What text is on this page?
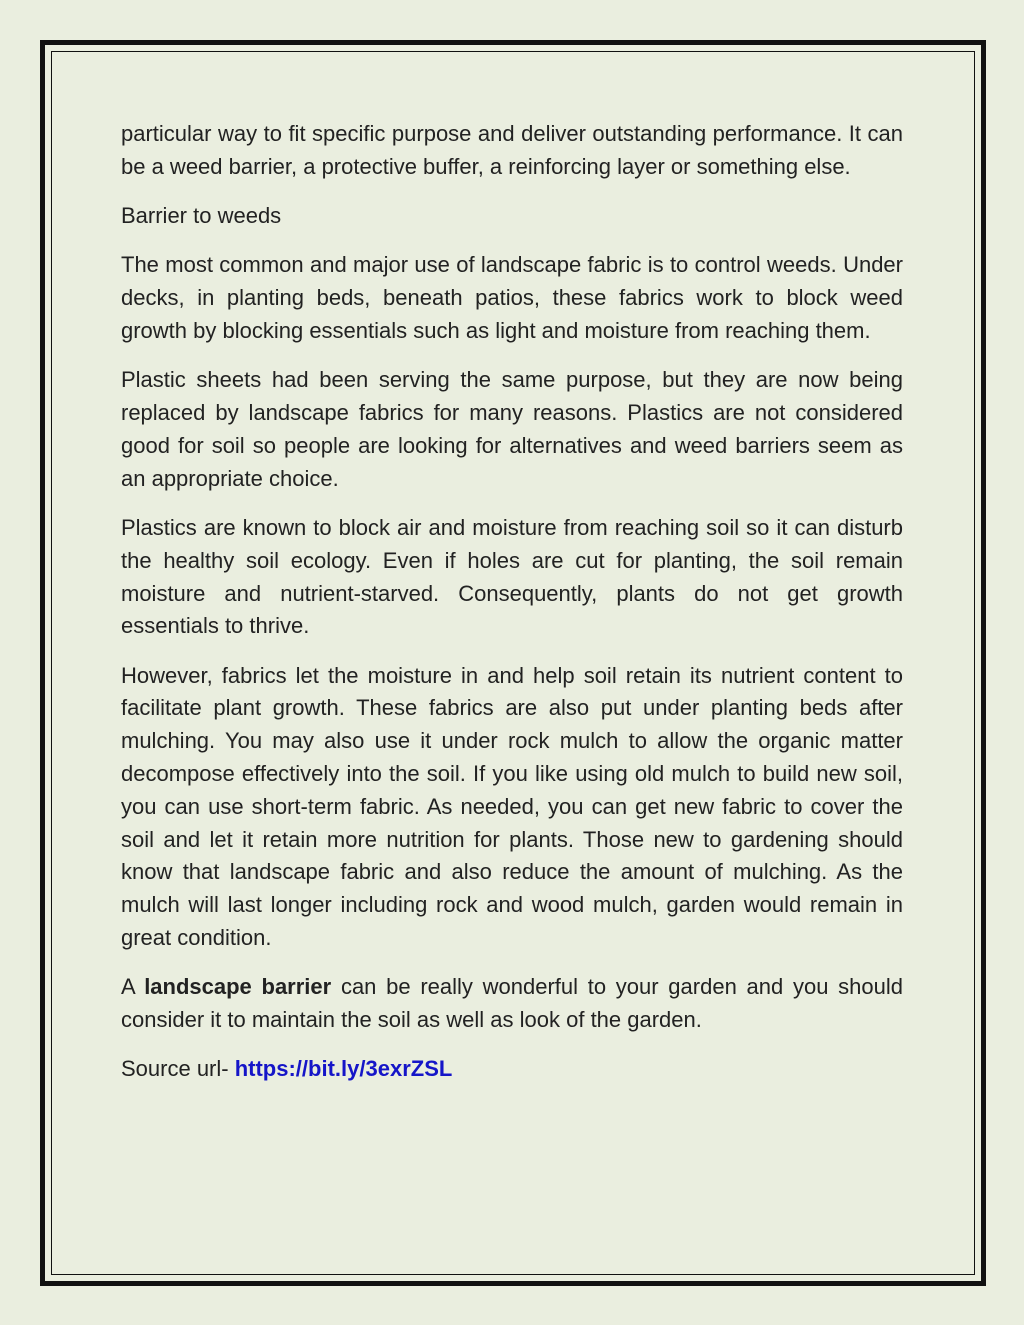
particular way to fit specific purpose and deliver outstanding performance. It can be a weed barrier, a protective buffer, a reinforcing layer or something else.

Barrier to weeds

The most common and major use of landscape fabric is to control weeds. Under decks, in planting beds, beneath patios, these fabrics work to block weed growth by blocking essentials such as light and moisture from reaching them.

Plastic sheets had been serving the same purpose, but they are now being replaced by landscape fabrics for many reasons. Plastics are not considered good for soil so people are looking for alternatives and weed barriers seem as an appropriate choice.

Plastics are known to block air and moisture from reaching soil so it can disturb the healthy soil ecology. Even if holes are cut for planting, the soil remain moisture and nutrient-starved. Consequently, plants do not get growth essentials to thrive.

However, fabrics let the moisture in and help soil retain its nutrient content to facilitate plant growth. These fabrics are also put under planting beds after mulching. You may also use it under rock mulch to allow the organic matter decompose effectively into the soil. If you like using old mulch to build new soil, you can use short-term fabric. As needed, you can get new fabric to cover the soil and let it retain more nutrition for plants. Those new to gardening should know that landscape fabric and also reduce the amount of mulching. As the mulch will last longer including rock and wood mulch, garden would remain in great condition.

A landscape barrier can be really wonderful to your garden and you should consider it to maintain the soil as well as look of the garden.

Source url- https://bit.ly/3exrZSL
